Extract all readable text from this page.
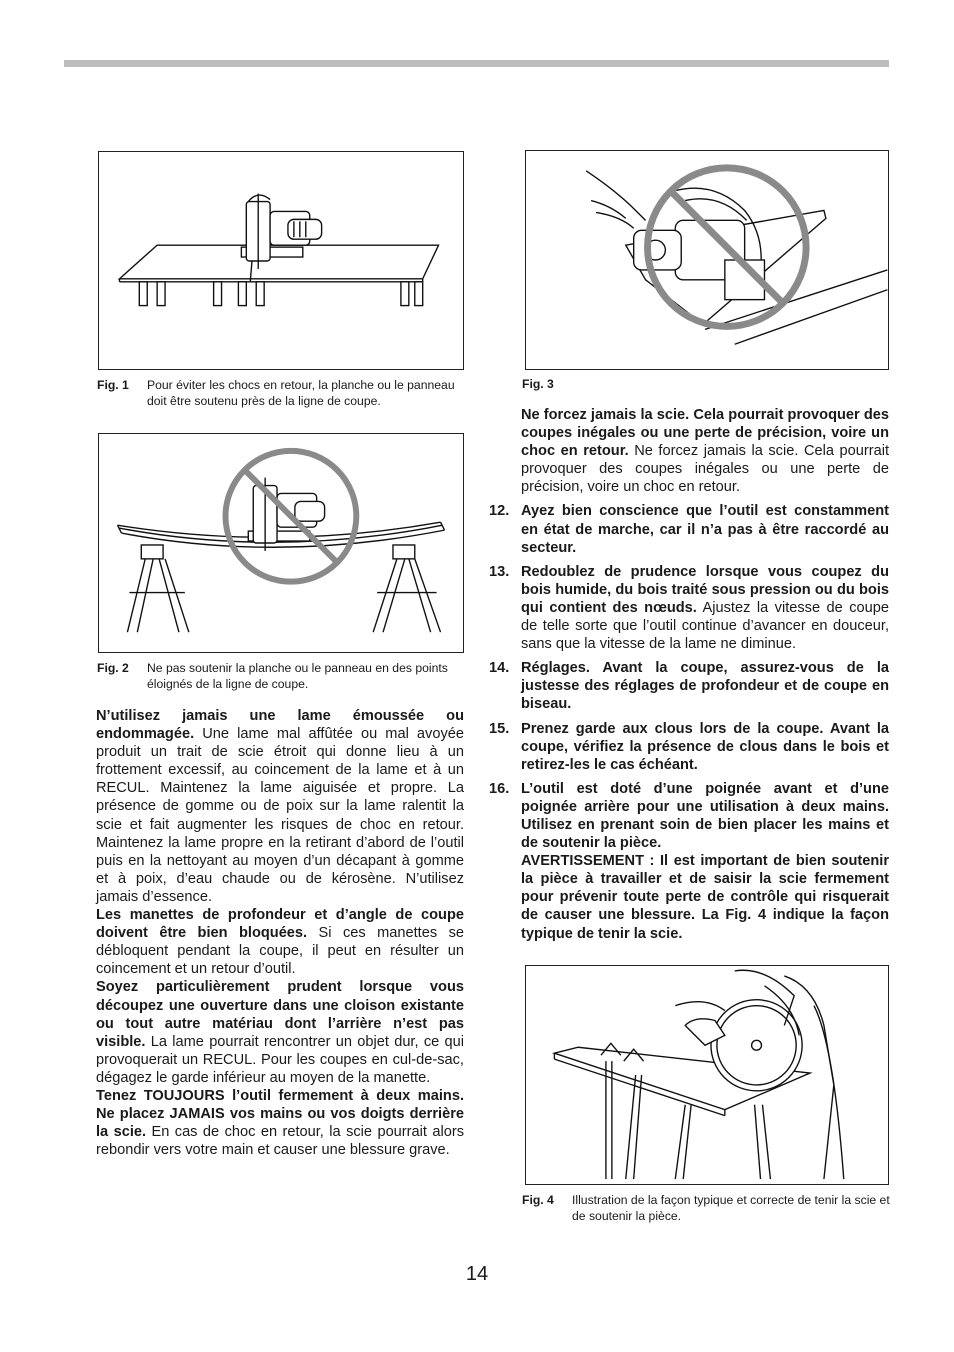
Fig. 1 Pour éviter les chocs en retour, la planche ou le panneau doit être soutenu près de la ligne de coupe.
Fig. 2 Ne pas soutenir la planche ou le panneau en des points éloignés de la ligne de coupe.

N’utilisez jamais une lame émoussée ou endommagée. Une lame mal affûtée ou mal avoyée produit un trait de scie étroit qui donne lieu à un frottement excessif, au coincement de la lame et à un RECUL. Maintenez la lame aiguisée et propre. La présence de gomme ou de poix sur la lame ralentit la scie et fait augmenter les risques de choc en retour. Maintenez la lame propre en la retirant d’abord de l’outil puis en la nettoyant au moyen d’un décapant à gomme et à poix, d’eau chaude ou de kérosène. N’utilisez jamais d’essence.

Les manettes de profondeur et d’angle de coupe doivent être bien bloquées. Si ces manettes se débloquent pendant la coupe, il peut en résulter un coincement et un retour d’outil.

Soyez particulièrement prudent lorsque vous découpez une ouverture dans une cloison existante ou tout autre matériau dont l’arrière n’est pas visible. La lame pourrait rencontrer un objet dur, ce qui provoquerait un RECUL. Pour les coupes en cul-de-sac, dégagez le garde inférieur au moyen de la manette.

Tenez TOUJOURS l’outil fermement à deux mains. Ne placez JAMAIS vos mains ou vos doigts derrière la scie. En cas de choc en retour, la scie pourrait alors rebondir vers votre main et causer une blessure grave.

Fig. 3

Ne forcez jamais la scie. Cela pourrait provoquer des coupes inégales ou une perte de précision, voire un choc en retour. Ne forcez jamais la scie. Cela pourrait provoquer des coupes inégales ou une perte de précision, voire un choc en retour.

12. Ayez bien conscience que l’outil est constamment en état de marche, car il n’a pas à être raccordé au secteur.
13. Redoublez de prudence lorsque vous coupez du bois humide, du bois traité sous pression ou du bois qui contient des nœuds. Ajustez la vitesse de coupe de telle sorte que l’outil continue d’avancer en douceur, sans que la vitesse de la lame ne diminue.
14. Réglages. Avant la coupe, assurez-vous de la justesse des réglages de profondeur et de coupe en biseau.
15. Prenez garde aux clous lors de la coupe. Avant la coupe, vérifiez la présence de clous dans le bois et retirez-les le cas échéant.
16. L’outil est doté d’une poignée avant et d’une poignée arrière pour une utilisation à deux mains. Utilisez en prenant soin de bien placer les mains et de soutenir la pièce.
AVERTISSEMENT : Il est important de bien soutenir la pièce à travailler et de saisir la scie fermement pour prévenir toute perte de contrôle qui risquerait de causer une blessure. La Fig. 4 indique la façon typique de tenir la scie.
Fig. 4 Illustration de la façon typique et correcte de tenir la scie et de soutenir la pièce.
14
